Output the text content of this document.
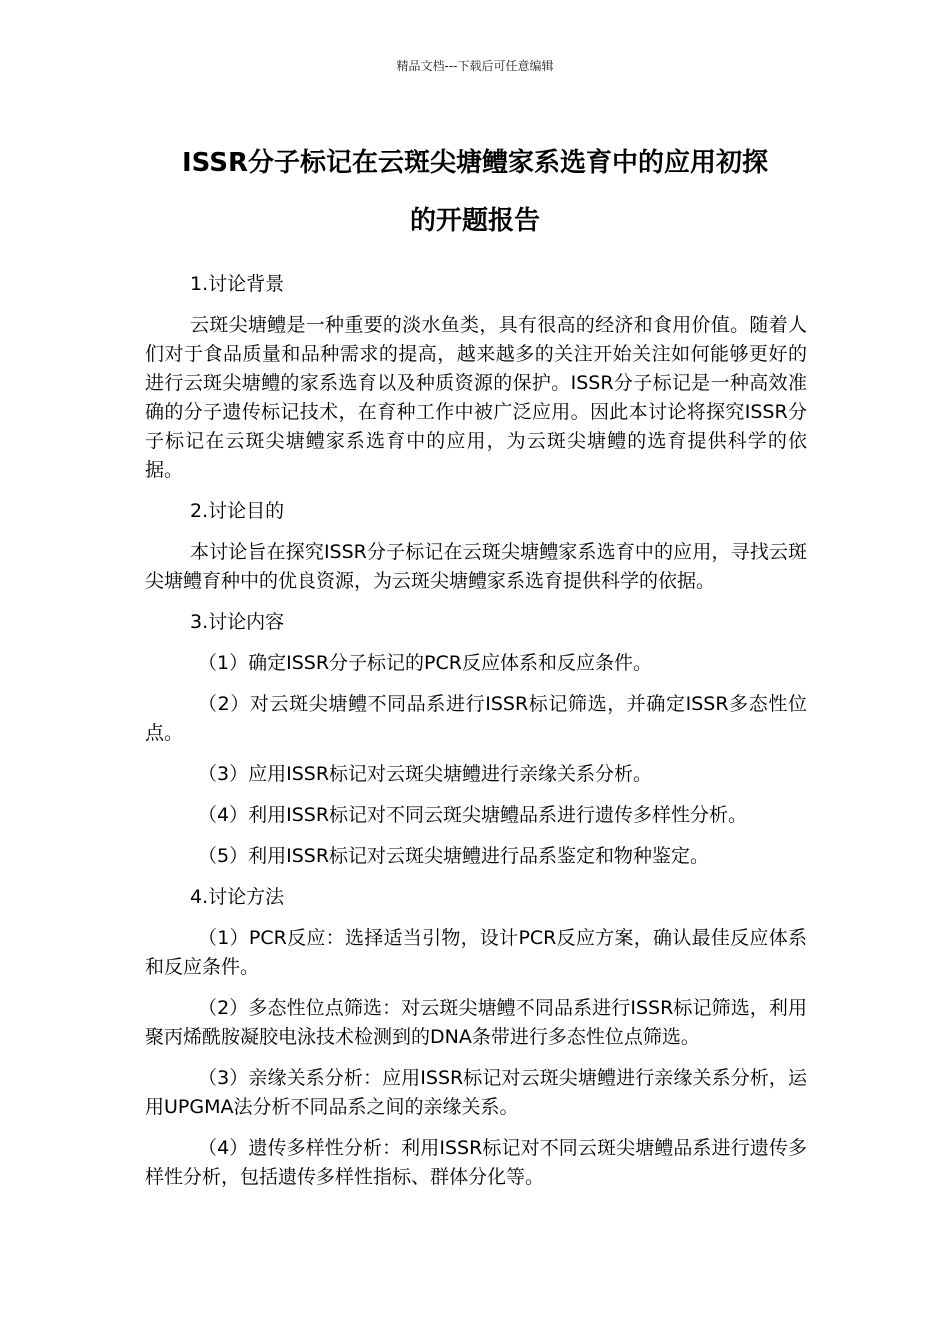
精品文档---下载后可任意编辑
ISSR分子标记在云斑尖塘鳢家系选育中的应用初探
的开题报告

1.讨论背景

云斑尖塘鳢是一种重要的淡水鱼类，具有很高的经济和食用价值。随着人们对于食品质量和品种需求的提高，越来越多的关注开始关注如何能够更好的进行云斑尖塘鳢的家系选育以及种质资源的保护。ISSR分子标记是一种高效准确的分子遗传标记技术，在育种工作中被广泛应用。因此本讨论将探究ISSR分子标记在云斑尖塘鳢家系选育中的应用，为云斑尖塘鳢的选育提供科学的依据。

2.讨论目的

本讨论旨在探究ISSR分子标记在云斑尖塘鳢家系选育中的应用，寻找云斑尖塘鳢育种中的优良资源，为云斑尖塘鳢家系选育提供科学的依据。

3.讨论内容

（1）确定ISSR分子标记的PCR反应体系和反应条件。

（2）对云斑尖塘鳢不同品系进行ISSR标记筛选，并确定ISSR多态性位点。

（3）应用ISSR标记对云斑尖塘鳢进行亲缘关系分析。

（4）利用ISSR标记对不同云斑尖塘鳢品系进行遗传多样性分析。

（5）利用ISSR标记对云斑尖塘鳢进行品系鉴定和物种鉴定。

4.讨论方法

（1）PCR反应：选择适当引物，设计PCR反应方案，确认最佳反应体系和反应条件。

（2）多态性位点筛选：对云斑尖塘鳢不同品系进行ISSR标记筛选，利用聚丙烯酰胺凝胶电泳技术检测到的DNA条带进行多态性位点筛选。

（3）亲缘关系分析：应用ISSR标记对云斑尖塘鳢进行亲缘关系分析，运用UPGMA法分析不同品系之间的亲缘关系。

（4）遗传多样性分析：利用ISSR标记对不同云斑尖塘鳢品系进行遗传多样性分析，包括遗传多样性指标、群体分化等。
